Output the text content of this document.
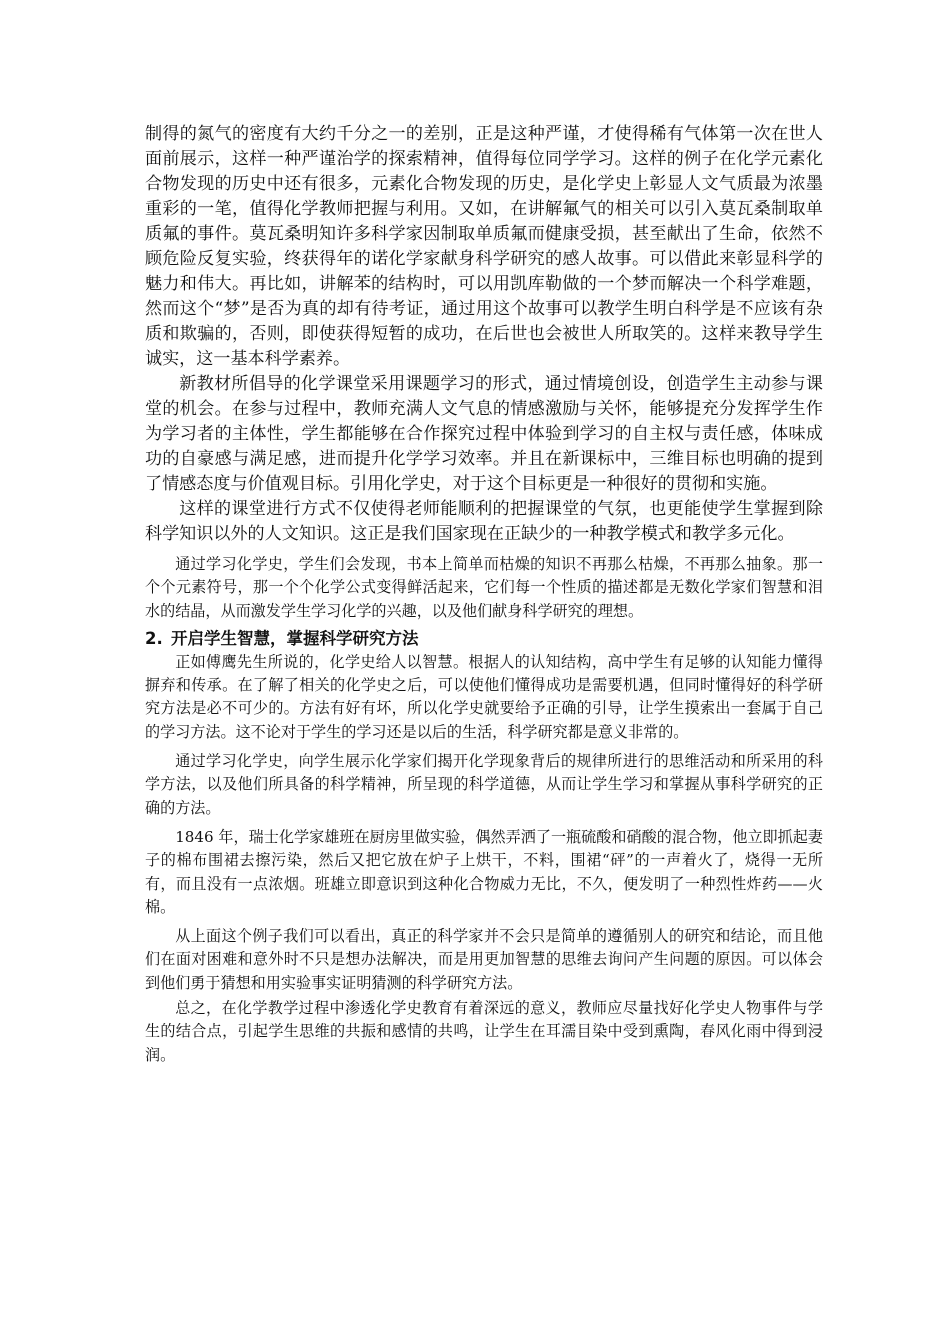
制得的氮气的密度有大约千分之一的差别，正是这种严谨，才使得稀有气体第一次在世人面前展示，这样一种严谨治学的探索精神，值得每位同学学习。这样的例子在化学元素化合物发现的历史中还有很多，元素化合物发现的历史，是化学史上彰显人文气质最为浓墨重彩的一笔，值得化学教师把握与利用。又如，在讲解氟气的相关可以引入莫瓦桑制取单质氟的事件。莫瓦桑明知许多科学家因制取单质氟而健康受损，甚至献出了生命，依然不顾危险反复实验，终获得年的诺化学家献身科学研究的感人故事。可以借此来彰显科学的魅力和伟大。再比如，讲解苯的结构时，可以用凯库勒做的一个梦而解决一个科学难题，然而这个“梦”是否为真的却有待考证，通过用这个故事可以教学生明白科学是不应该有杂质和欺骗的，否则，即使获得短暂的成功，在后世也会被世人所取笑的。这样来教导学生诚实，这一基本科学素养。

新教材所倡导的化学课堂采用课题学习的形式，通过情境创设，创造学生主动参与课堂的机会。在参与过程中，教师充满人文气息的情感激励与关怀，能够提充分发挥学生作为学习者的主体性，学生都能够在合作探究过程中体验到学习的自主权与责任感，体味成功的自豪感与满足感，进而提升化学学习效率。并且在新课标中，三维目标也明确的提到了情感态度与价值观目标。引用化学史，对于这个目标更是一种很好的贯彻和实施。

这样的课堂进行方式不仅使得老师能顺利的把握课堂的气氛，也更能使学生掌握到除科学知识以外的人文知识。这正是我们国家现在正缺少的一种教学模式和教学多元化。

通过学习化学史，学生们会发现，书本上简单而枯燥的知识不再那么枯燥，不再那么抽象。那一个个元素符号，那一个个化学公式变得鲜活起来，它们每一个性质的描述都是无数化学家们智慧和泪水的结晶，从而激发学生学习化学的兴趣，以及他们献身科学研究的理想。

2. 开启学生智慧，掌握科学研究方法

正如傅鹰先生所说的，化学史给人以智慧。根据人的认知结构，高中学生有足够的认知能力懂得摒弃和传承。在了解了相关的化学史之后，可以使他们懂得成功是需要机遇，但同时懂得好的科学研究方法是必不可少的。方法有好有坏，所以化学史就要给予正确的引导，让学生摸索出一套属于自己的学习方法。这不论对于学生的学习还是以后的生活，科学研究都是意义非常的。

通过学习化学史，向学生展示化学家们揭开化学现象背后的规律所进行的思维活动和所采用的科学方法，以及他们所具备的科学精神，所呈现的科学道德，从而让学生学习和掌握从事科学研究的正确的方法。

1846 年，瑞士化学家雄班在厨房里做实验，偶然弄洒了一瓶硫酸和硝酸的混合物，他立即抓起妻子的棉布围裙去擦污染，然后又把它放在炉子上烘干，不料，围裙“砰”的一声着火了，烧得一无所有，而且没有一点浓烟。班雄立即意识到这种化合物威力无比，不久，便发明了一种烈性炸药——火棉。

从上面这个例子我们可以看出，真正的科学家并不会只是简单的遵循别人的研究和结论，而且他们在面对困难和意外时不只是想办法解决，而是用更加智慧的思维去询问产生问题的原因。可以体会到他们勇于猜想和用实验事实证明猜测的科学研究方法。

总之，在化学教学过程中渗透化学史教育有着深远的意义，教师应尽量找好化学史人物事件与学生的结合点，引起学生思维的共振和感情的共鸣，让学生在耳濡目染中受到熏陶，春风化雨中得到浸润。
